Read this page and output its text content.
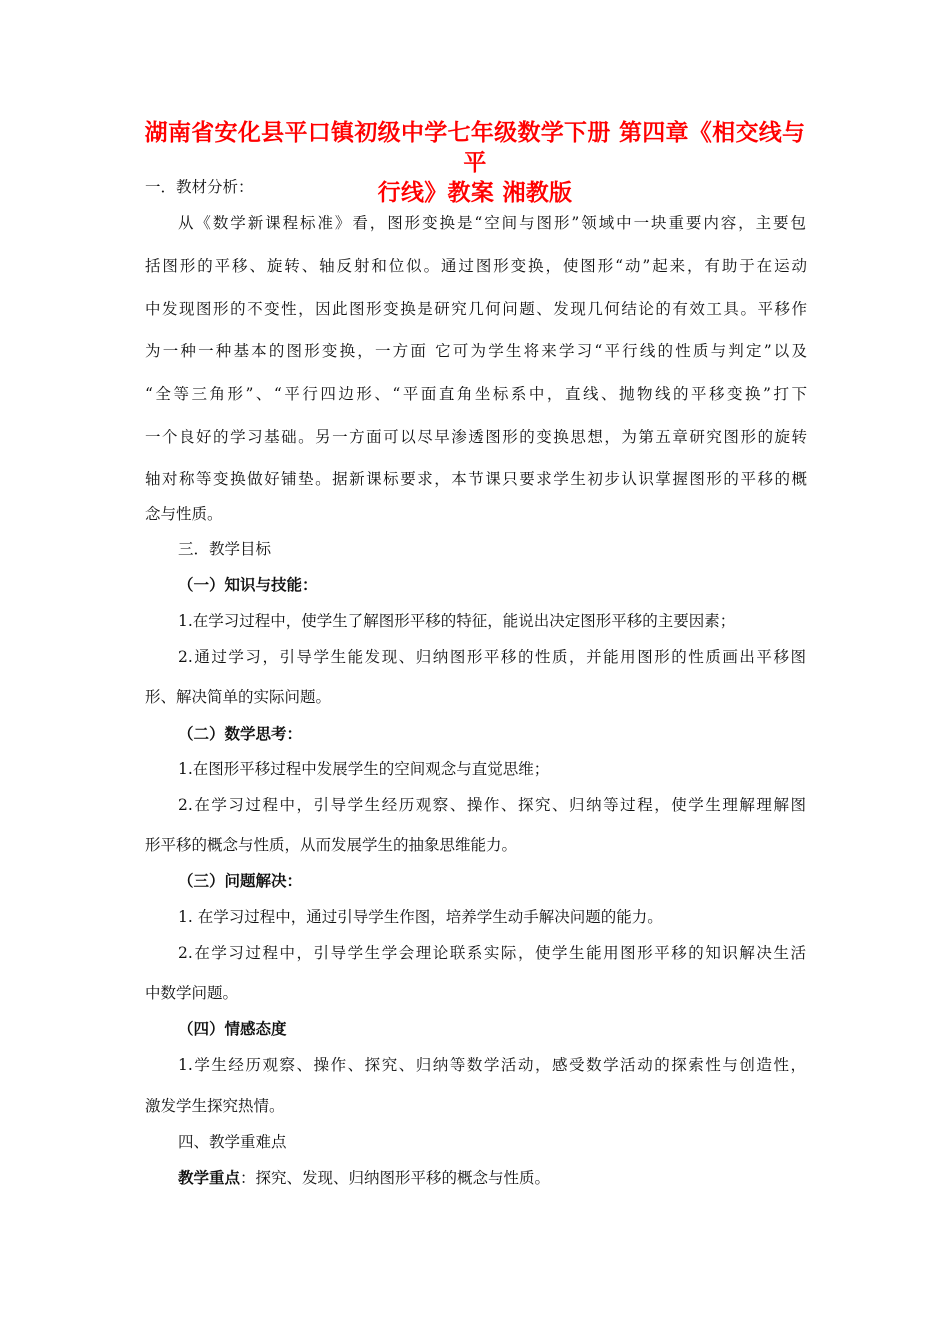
湖南省安化县平口镇初级中学七年级数学下册 第四章《相交线与平
行线》教案 湘教版
一．教材分析：
从《数学新课程标准》看，图形变换是“空间与图形”领域中一块重要内容，主要包
括图形的平移、旋转、轴反射和位似。通过图形变换，使图形“动”起来，有助于在运动
中发现图形的不变性，因此图形变换是研究几何问题、发现几何结论的有效工具。平移作
为一种一种基本的图形变换，一方面 它可为学生将来学习“平行线的性质与判定”以及
“全等三角形”、“平行四边形、“平面直角坐标系中，直线、抛物线的平移变换”打下
一个良好的学习基础。另一方面可以尽早渗透图形的变换思想，为第五章研究图形的旋转
轴对称等变换做好铺垫。据新课标要求，本节课只要求学生初步认识掌握图形的平移的概
念与性质。
三．教学目标
（一）知识与技能：
1.在学习过程中，使学生了解图形平移的特征，能说出决定图形平移的主要因素；
2.通过学习，引导学生能发现、归纳图形平移的性质，并能用图形的性质画出平移图
形、解决简单的实际问题。
（二）数学思考：
1.在图形平移过程中发展学生的空间观念与直觉思维；
2.在学习过程中，引导学生经历观察、操作、探究、归纳等过程，使学生理解理解图
形平移的概念与性质，从而发展学生的抽象思维能力。
（三）问题解决：
1. 在学习过程中，通过引导学生作图，培养学生动手解决问题的能力。
2.在学习过程中，引导学生学会理论联系实际，使学生能用图形平移的知识解决生活
中数学问题。
（四）情感态度
1.学生经历观察、操作、探究、归纳等数学活动，感受数学活动的探索性与创造性，
激发学生探究热情。
四、教学重难点
教学重点：探究、发现、归纳图形平移的概念与性质。
